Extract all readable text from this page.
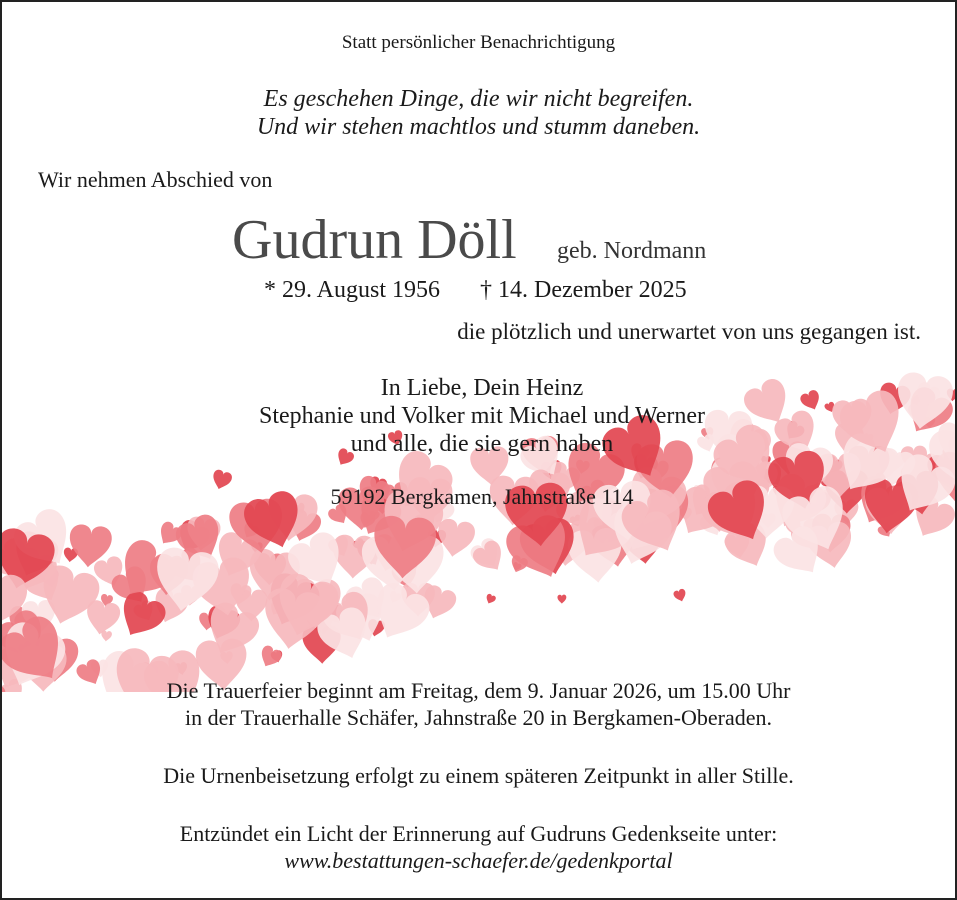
Statt persönlicher Benachrichtigung
Es geschehen Dinge, die wir nicht begreifen.
Und wir stehen machtlos und stumm daneben.
Wir nehmen Abschied von
Gudrun Döll geb. Nordmann
* 29. August 1956 † 14. Dezember 2025
die plötzlich und unerwartet von uns gegangen ist.
In Liebe, Dein Heinz
Stephanie und Volker mit Michael und Werner
und alle, die sie gern haben
59192 Bergkamen, Jahnstraße 114
Die Trauerfeier beginnt am Freitag, dem 9. Januar 2026, um 15.00 Uhr
in der Trauerhalle Schäfer, Jahnstraße 20 in Bergkamen-Oberaden.
Die Urnenbeisetzung erfolgt zu einem späteren Zeitpunkt in aller Stille.
Entzündet ein Licht der Erinnerung auf Gudruns Gedenkseite unter:
www.bestattungen-schaefer.de/gedenkportal
